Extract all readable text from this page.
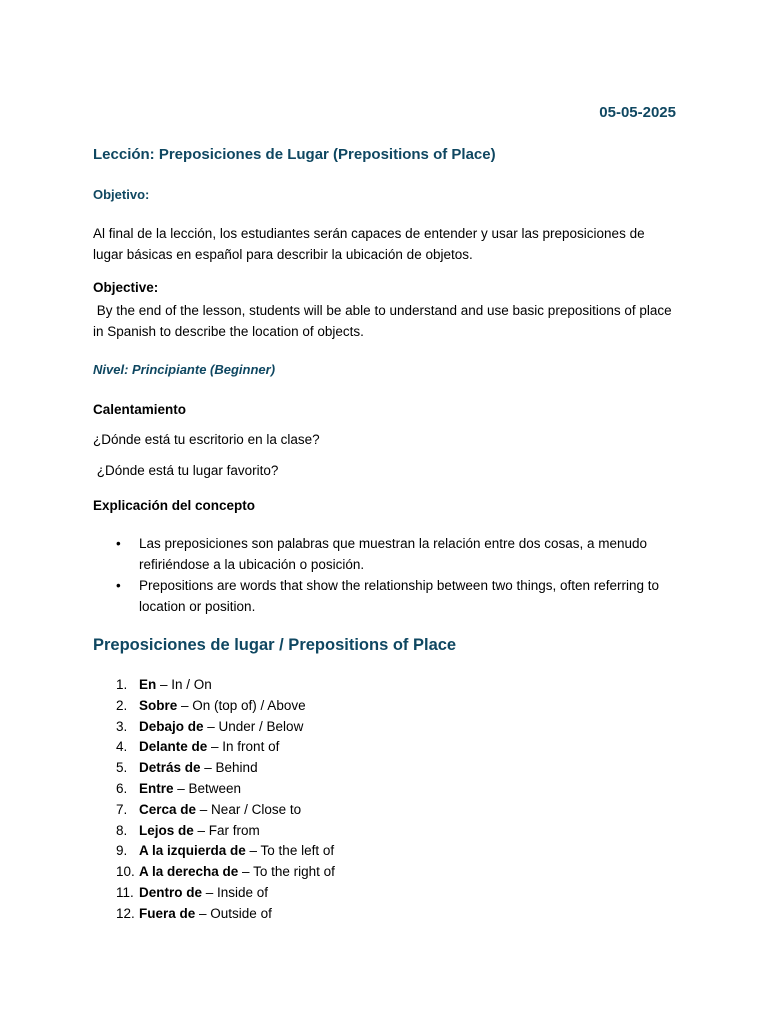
05-05-2025
Lección: Preposiciones de Lugar (Prepositions of Place)
Objetivo:
Al final de la lección, los estudiantes serán capaces de entender y usar las preposiciones de lugar básicas en español para describir la ubicación de objetos.
Objective:
By the end of the lesson, students will be able to understand and use basic prepositions of place in Spanish to describe the location of objects.
Nivel: Principiante (Beginner)
Calentamiento
¿Dónde está tu escritorio en la clase?
¿Dónde está tu lugar favorito?
Explicación del concepto
• Las preposiciones son palabras que muestran la relación entre dos cosas, a menudo refiriéndose a la ubicación o posición.
• Prepositions are words that show the relationship between two things, often referring to location or position.
Preposiciones de lugar / Prepositions of Place
1. En – In / On
2. Sobre – On (top of) / Above
3. Debajo de – Under / Below
4. Delante de – In front of
5. Detrás de – Behind
6. Entre – Between
7. Cerca de – Near / Close to
8. Lejos de – Far from
9. A la izquierda de – To the left of
10. A la derecha de – To the right of
11. Dentro de – Inside of
12. Fuera de – Outside of
